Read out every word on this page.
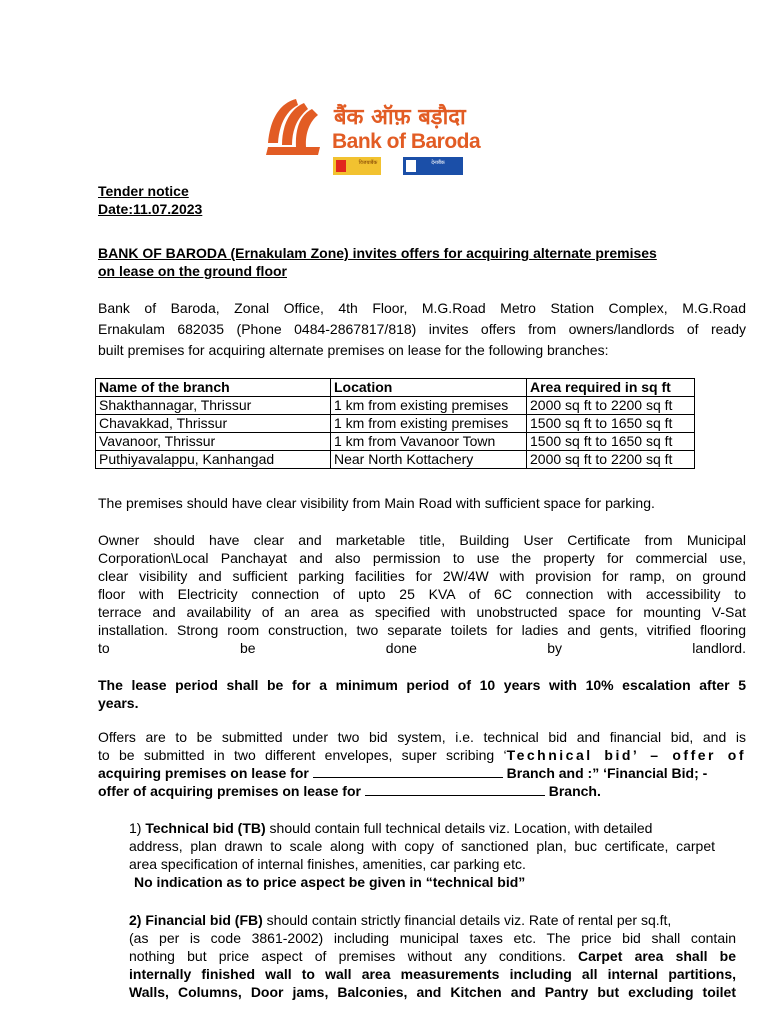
बैंक ऑफ़ बड़ौदा
Bank of Baroda
विजयाबैंक	देनाबैंक
Tender notice
Date:11.07.2023
BANK OF BARODA (Ernakulam Zone) invites offers for acquiring alternate premises
on lease on the ground floor
Bank of Baroda, Zonal Office, 4th Floor, M.G.Road Metro Station Complex, M.G.Road
Ernakulam 682035 (Phone 0484-2867817/818) invites offers from owners/landlords of ready
built premises for acquiring alternate premises on lease for the following branches:
Name of the branch	Location	Area required in sq ft
Shakthannagar, Thrissur	1 km from existing premises	2000 sq ft to 2200 sq ft
Chavakkad, Thrissur	1 km from existing premises	1500 sq ft to 1650 sq ft
Vavanoor, Thrissur	1 km from Vavanoor Town	1500 sq ft to 1650 sq ft
Puthiyavalappu, Kanhangad	Near North Kottachery	2000 sq ft to 2200 sq ft
The premises should have clear visibility from Main Road with sufficient space for parking.
Owner should have clear and marketable title, Building User Certificate from Municipal
Corporation\Local Panchayat and also permission to use the property for commercial use,
clear visibility and sufficient parking facilities for 2W/4W with provision for ramp, on ground
floor with Electricity connection of upto 25 KVA of 6C connection with accessibility to
terrace and availability of an area as specified with unobstructed space for mounting V-Sat
installation. Strong room construction, two separate toilets for ladies and gents, vitrified flooring
to	be	done	by	landlord.
The lease period shall be for a minimum period of 10 years with 10% escalation after 5
years.
Offers are to be submitted under two bid system, i.e. technical bid and financial bid, and is
to be submitted in two different envelopes, super scribing ‘Technical bid’ – offer of
acquiring premises on lease for	Branch and :” ‘Financial Bid; -
offer of acquiring premises on lease for	Branch.
1) Technical bid (TB) should contain full technical details viz. Location, with detailed
address, plan drawn to scale along with copy of sanctioned plan, buc certificate, carpet
area specification of internal finishes, amenities, car parking etc.
No indication as to price aspect be given in “technical bid”
2) Financial bid (FB) should contain strictly financial details viz. Rate of rental per sq.ft,
(as per is code 3861-2002) including municipal taxes etc. The price bid shall contain
nothing but price aspect of premises without any conditions. Carpet area shall be
internally finished wall to wall area measurements including all internal partitions,
Walls, Columns, Door jams, Balconies, and Kitchen and Pantry but excluding toilet
